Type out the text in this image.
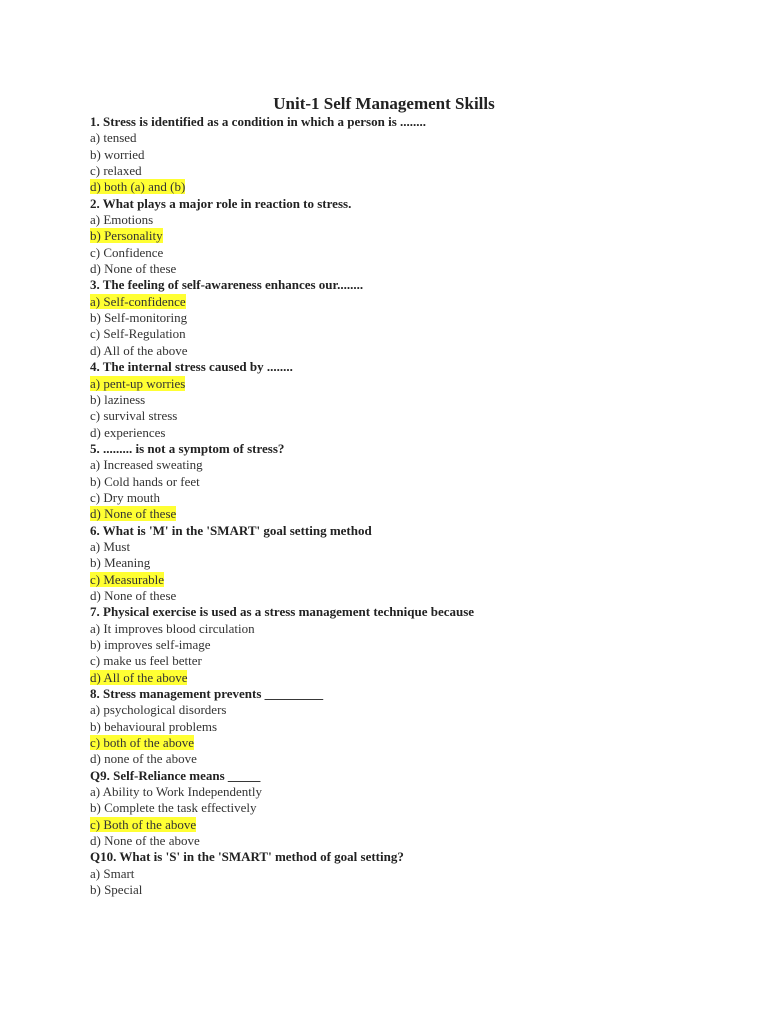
Unit-1 Self Management Skills
1. Stress is identified as a condition in which a person is ........
a) tensed
b) worried
c) relaxed
d) both (a) and (b)
2. What plays a major role in reaction to stress.
a) Emotions
b) Personality
c) Confidence
d) None of these
3. The feeling of self-awareness enhances our........
a) Self-confidence
b) Self-monitoring
c) Self-Regulation
d) All of the above
4. The internal stress caused by ........
a) pent-up worries
b) laziness
c) survival stress
d) experiences
5. ......... is not a symptom of stress?
a) Increased sweating
b) Cold hands or feet
c) Dry mouth
d) None of these
6. What is 'M' in the 'SMART' goal setting method
a) Must
b) Meaning
c) Measurable
d) None of these
7. Physical exercise is used as a stress management technique because
a) It improves blood circulation
b) improves self-image
c) make us feel better
d) All of the above
8. Stress management prevents _________
a) psychological disorders
b) behavioural problems
c) both of the above
d) none of the above
Q9. Self-Reliance means _____
a) Ability to Work Independently
b) Complete the task effectively
c) Both of the above
d) None of the above
Q10. What is 'S' in the 'SMART' method of goal setting?
a) Smart
b) Special
